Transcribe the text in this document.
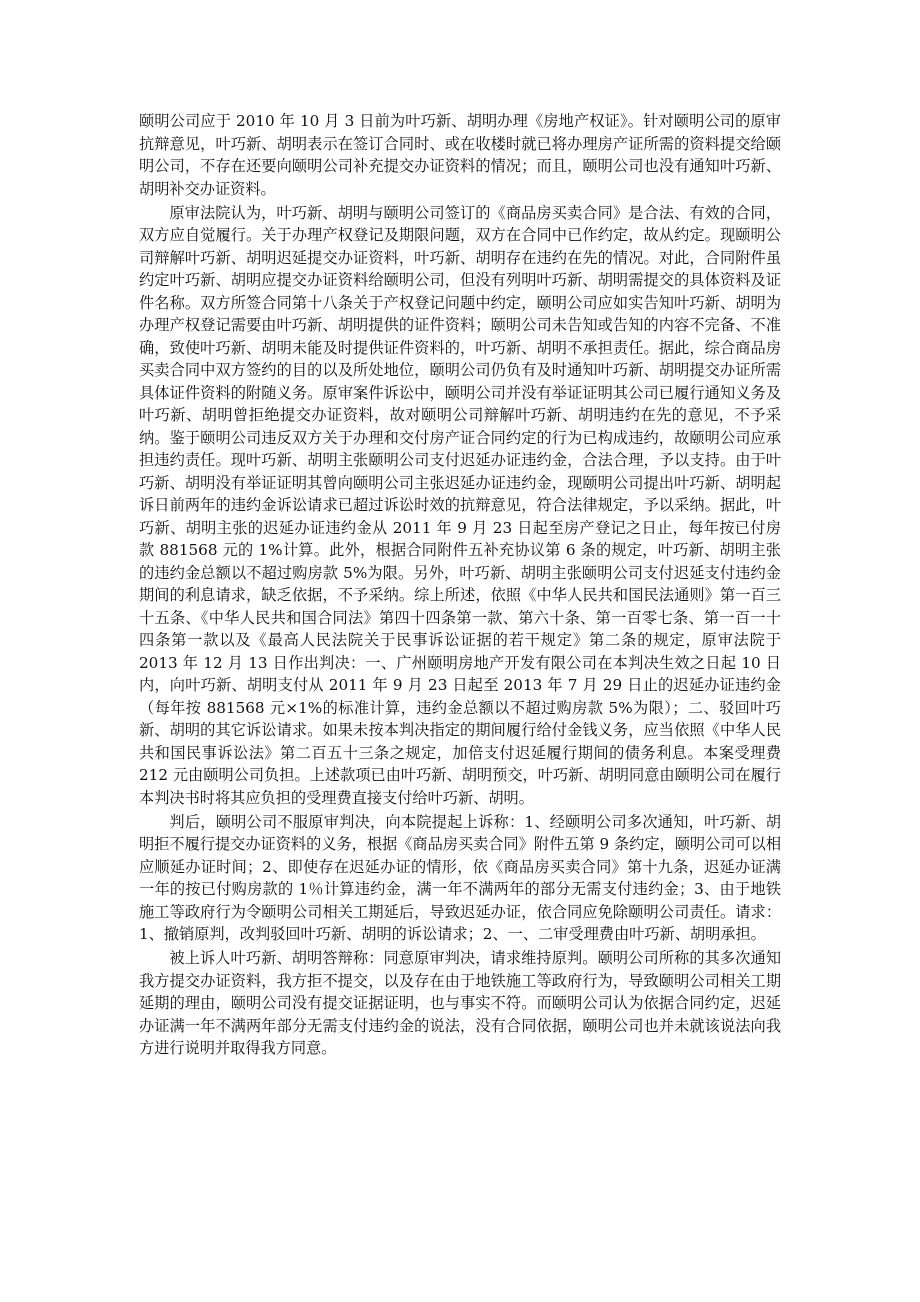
颐明公司应于 2010 年 10 月 3 日前为叶巧新、胡明办理《房地产权证》。针对颐明公司的原审抗辩意见，叶巧新、胡明表示在签订合同时、或在收楼时就已将办理房产证所需的资料提交给颐明公司，不存在还要向颐明公司补充提交办证资料的情况；而且，颐明公司也没有通知叶巧新、胡明补交办证资料。

原审法院认为，叶巧新、胡明与颐明公司签订的《商品房买卖合同》是合法、有效的合同，双方应自觉履行。关于办理产权登记及期限问题，双方在合同中已作约定，故从约定。现颐明公司辩解叶巧新、胡明迟延提交办证资料，叶巧新、胡明存在违约在先的情况。对此，合同附件虽约定叶巧新、胡明应提交办证资料给颐明公司，但没有列明叶巧新、胡明需提交的具体资料及证件名称。双方所签合同第十八条关于产权登记问题中约定，颐明公司应如实告知叶巧新、胡明为办理产权登记需要由叶巧新、胡明提供的证件资料；颐明公司未告知或告知的内容不完备、不准确，致使叶巧新、胡明未能及时提供证件资料的，叶巧新、胡明不承担责任。据此，综合商品房买卖合同中双方签约的目的以及所处地位，颐明公司仍负有及时通知叶巧新、胡明提交办证所需具体证件资料的附随义务。原审案件诉讼中，颐明公司并没有举证证明其公司已履行通知义务及叶巧新、胡明曾拒绝提交办证资料，故对颐明公司辩解叶巧新、胡明违约在先的意见，不予采纳。鉴于颐明公司违反双方关于办理和交付房产证合同约定的行为已构成违约，故颐明公司应承担违约责任。现叶巧新、胡明主张颐明公司支付迟延办证违约金，合法合理，予以支持。由于叶巧新、胡明没有举证证明其曾向颐明公司主张迟延办证违约金，现颐明公司提出叶巧新、胡明起诉日前两年的违约金诉讼请求已超过诉讼时效的抗辩意见，符合法律规定，予以采纳。据此，叶巧新、胡明主张的迟延办证违约金从 2011 年 9 月 23 日起至房产登记之日止，每年按已付房款 881568 元的 1%计算。此外，根据合同附件五补充协议第 6 条的规定，叶巧新、胡明主张的违约金总额以不超过购房款 5%为限。另外，叶巧新、胡明主张颐明公司支付迟延支付违约金期间的利息请求，缺乏依据，不予采纳。综上所述，依照《中华人民共和国民法通则》第一百三十五条、《中华人民共和国合同法》第四十四条第一款、第六十条、第一百零七条、第一百一十四条第一款以及《最高人民法院关于民事诉讼证据的若干规定》第二条的规定，原审法院于 2013 年 12 月 13 日作出判决：一、广州颐明房地产开发有限公司在本判决生效之日起 10 日内，向叶巧新、胡明支付从 2011 年 9 月 23 日起至 2013 年 7 月 29 日止的迟延办证违约金（每年按 881568 元×1%的标准计算，违约金总额以不超过购房款 5%为限）；二、驳回叶巧新、胡明的其它诉讼请求。如果未按本判决指定的期间履行给付金钱义务，应当依照《中华人民共和国民事诉讼法》第二百五十三条之规定，加倍支付迟延履行期间的债务利息。本案受理费 212 元由颐明公司负担。上述款项已由叶巧新、胡明预交，叶巧新、胡明同意由颐明公司在履行本判决书时将其应负担的受理费直接支付给叶巧新、胡明。

判后，颐明公司不服原审判决，向本院提起上诉称：1、经颐明公司多次通知，叶巧新、胡明拒不履行提交办证资料的义务，根据《商品房买卖合同》附件五第 9 条约定，颐明公司可以相应顺延办证时间；2、即使存在迟延办证的情形，依《商品房买卖合同》第十九条，迟延办证满一年的按已付购房款的 1％计算违约金，满一年不满两年的部分无需支付违约金；3、由于地铁施工等政府行为令颐明公司相关工期延后，导致迟延办证，依合同应免除颐明公司责任。请求：1、撤销原判，改判驳回叶巧新、胡明的诉讼请求；2、一、二审受理费由叶巧新、胡明承担。

被上诉人叶巧新、胡明答辩称：同意原审判决，请求维持原判。颐明公司所称的其多次通知我方提交办证资料，我方拒不提交，以及存在由于地铁施工等政府行为，导致颐明公司相关工期延期的理由，颐明公司没有提交证据证明，也与事实不符。而颐明公司认为依据合同约定，迟延办证满一年不满两年部分无需支付违约金的说法，没有合同依据，颐明公司也并未就该说法向我方进行说明并取得我方同意。
